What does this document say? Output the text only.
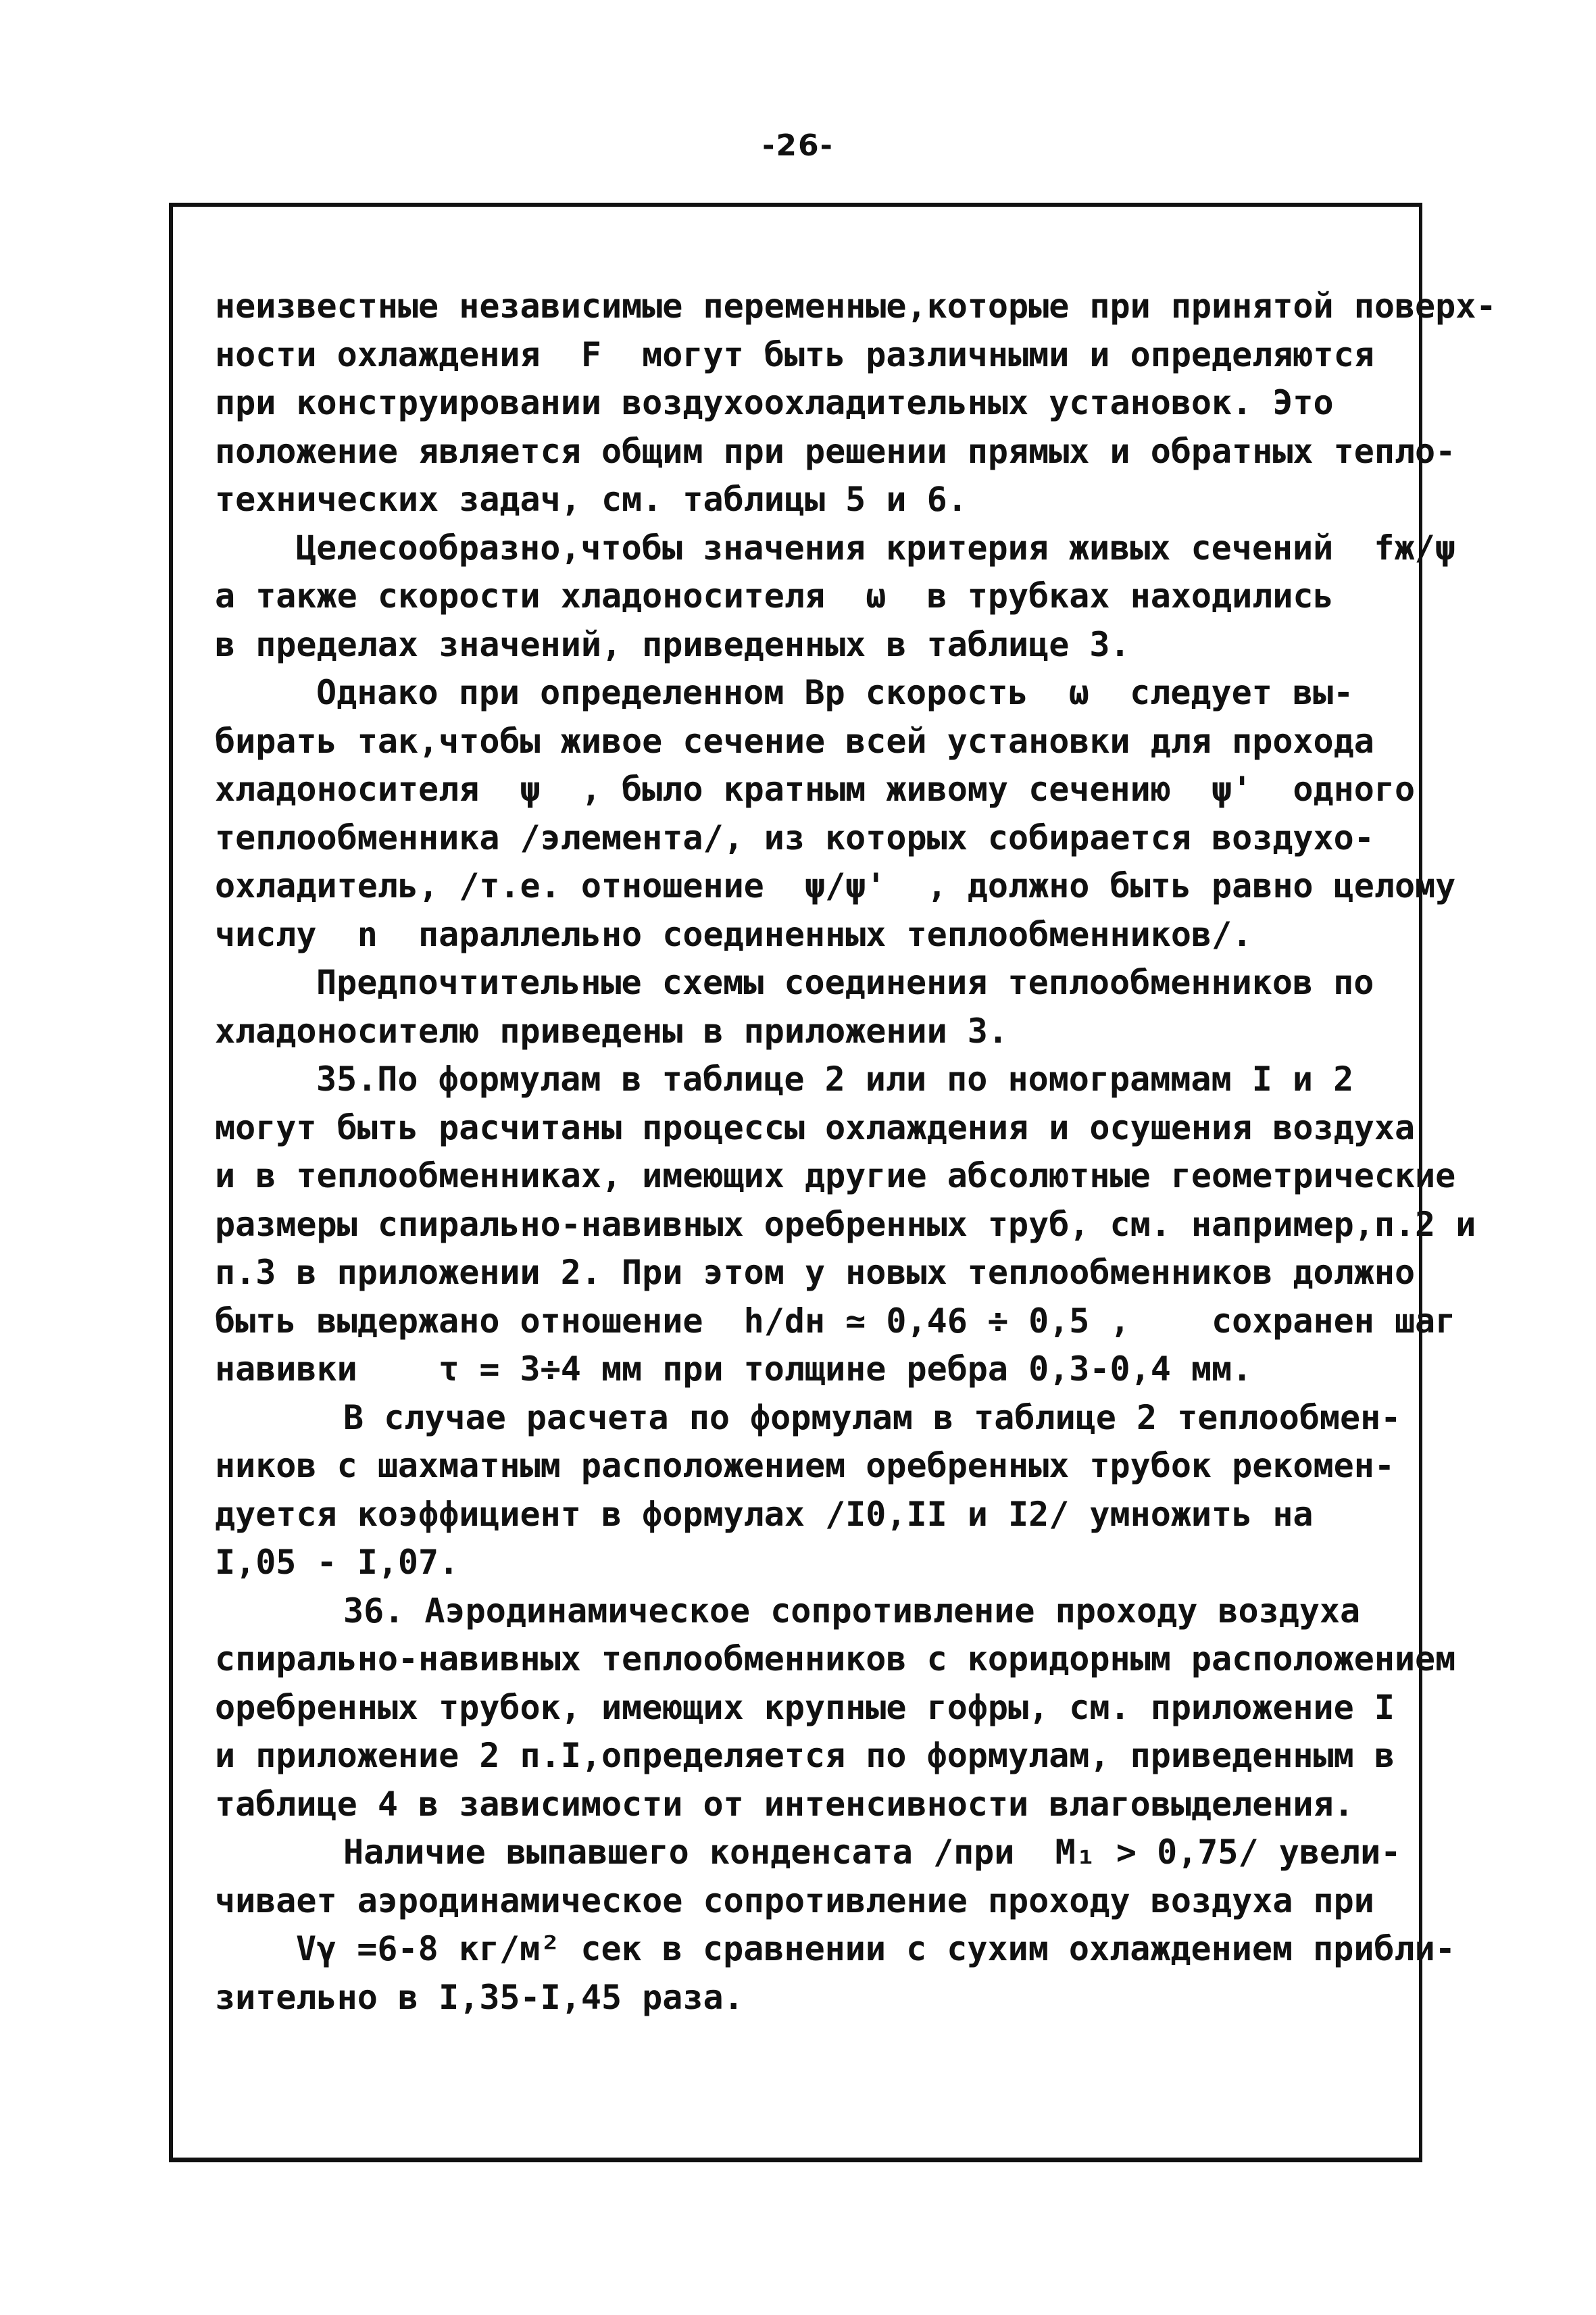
-26-
неизвестные независимые переменные,которые при принятой поверх-
ности охлаждения  F  могут быть различными и определяются
при конструировании воздухоохладительных установок. Это
положение является общим при решении прямых и обратных тепло-
технических задач, см. таблицы 5 и 6.
Целесообразно,чтобы значения критерия живых сечений  fж/ψ
а также скорости хладоносителя  ω  в трубках находились
в пределах значений, приведенных в таблице 3.
Однако при определенном Вр скорость  ω  следует вы-
бирать так,чтобы живое сечение всей установки для прохода
хладоносителя  ψ  , было кратным живому сечению  ψ'  одного
теплообменника /элемента/, из которых собирается воздухо-
охладитель, /т.е. отношение  ψ/ψ'  , должно быть равно целому
числу  n  параллельно соединенных теплообменников/.
Предпочтительные схемы соединения теплообменников по
хладоносителю приведены в приложении 3.
35.По формулам в таблице 2 или по номограммам I и 2
могут быть расчитаны процессы охлаждения и осушения воздуха
и в теплообменниках, имеющих другие абсолютные геометрические
размеры спирально-навивных оребренных труб, см. например,п.2 и
п.3 в приложении 2. При этом у новых теплообменников должно
быть выдержано отношение  h/dн ≃ 0,46 ÷ 0,5 ,    сохранен шаг
навивки    τ = 3÷4 мм при толщине ребра 0,3-0,4 мм.
В случае расчета по формулам в таблице 2 теплообмен-
ников с шахматным расположением оребренных трубок рекомен-
дуется коэффициент в формулах /I0,II и I2/ умножить на
I,05 - I,07.
36. Аэродинамическое сопротивление проходу воздуха
спирально-навивных теплообменников с коридорным расположением
оребренных трубок, имеющих крупные гофры, см. приложение I
и приложение 2 п.I,определяется по формулам, приведенным в
таблице 4 в зависимости от интенсивности влаговыделения.
Наличие выпавшего конденсата /при  M₁ > 0,75/ увели-
чивает аэродинамическое сопротивление проходу воздуха при
Vγ =6-8 кг/м² сек в сравнении с сухим охлаждением прибли-
зительно в I,35-I,45 раза.
